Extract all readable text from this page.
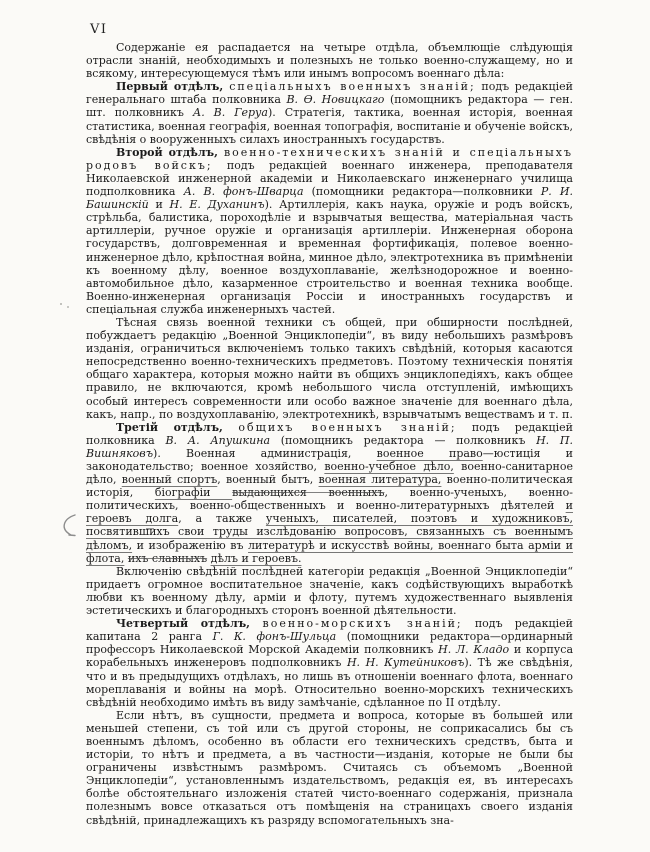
VI

Содержаніе ея распадается на четыре отдѣла, объемлющіе слѣдующія отрасли знаній, необходимыхъ и полезныхъ не только военно-служащему, но и всякому, интересующемуся тѣмъ или инымъ вопросомъ военнаго дѣла:

Первый отдѣлъ, спеціальныхъ военныхъ знаній; подъ редакціей генеральнаго штаба полковника В. Ѳ. Новицкаго (помощникъ редактора — ген. шт. полковникъ А. В. Геруа). Стратегія, тактика, военная исторія, военная статистика, военная географія, военная топографія, воспитаніе и обученіе войскъ, свѣдѣнія о вооруженныхъ силахъ иностранныхъ государствъ.

Второй отдѣлъ, военно-техническихъ знаній и спеціальныхъ родовъ войскъ; подъ редакціей военнаго инженера, преподавателя Николаевской инженерной академіи и Николаевскаго инженернаго училища подполковника А. В. фонъ-Шварца (помощники редактора—полковники Р. И. Башинскій и Н. Е. Духанинъ). Артиллерія, какъ наука, оружіе и родъ войскъ, стрѣльба, балистика, пороходѣліе и взрывчатыя вещества, матеріальная часть артиллеріи, ручное оружіе и организація артиллеріи. Инженерная оборона государствъ, долговременная и временная фортификація, полевое военно-инженерное дѣло, крѣпостная война, минное дѣло, электротехника въ примѣненіи къ военному дѣлу, военное воздухоплаваніе, желѣзнодорожное и военно-автомобильное дѣло, казарменное строительство и военная техника вообще. Военно-инженерная организація Россіи и иностранныхъ государствъ и спеціальная служба инженерныхъ частей.

Тѣсная связь военной техники съ общей, при обширности послѣдней, побуждаетъ редакцію „Военной Энциклопедіи“, въ виду небольшихъ размѣровъ изданія, ограничиться включеніемъ только такихъ свѣдѣній, которыя касаются непосредственно военно-техническихъ предметовъ. Поэтому техническія понятія общаго характера, которыя можно найти въ общихъ энциклопедіяхъ, какъ общее правило, не включаются, кромѣ небольшого числа отступленій, имѣющихъ особый интересъ современности или особо важное значеніе для военнаго дѣла, какъ, напр., по воздухоплаванію, электротехникѣ, взрывчатымъ веществамъ и т. п.

Третій отдѣлъ, общихъ военныхъ знаній; подъ редакціей полковника В. А. Апушкина (помощникъ редактора — полковникъ Н. П. Вишняковъ). Военная администрація, военное право—юстиція и законодательство; военное хозяйство, военно-учебное дѣло, военно-санитарное дѣло, военный спортъ, военный бытъ, военная литература, военно-политическая исторія, біографіи выдающихся военныхъ, военно-ученыхъ, военно-политическихъ, военно-общественныхъ и военно-литературныхъ дѣятелей и героевъ долга, а также ученыхъ, писателей, поэтовъ и художниковъ, посвятившихъ свои труды изслѣдованію вопросовъ, связанныхъ съ военнымъ дѣломъ, и изображенію въ литературѣ и искусствѣ войны, военнаго быта арміи и флота, ихъ славныхъ дѣлъ и героевъ.

Включенію свѣдѣній послѣдней категоріи редакція „Военной Энциклопедіи“ придаетъ огромное воспитательное значеніе, какъ содѣйствующихъ выработкѣ любви къ военному дѣлу, арміи и флоту, путемъ художественнаго выявленія эстетическихъ и благородныхъ сторонъ военной дѣятельности.

Четвертый отдѣлъ, военно-морскихъ знаній; подъ редакціей капитана 2 ранга Г. К. фонъ-Шульца (помощники редактора—ординарный профессоръ Николаевской Морской Академіи полковникъ Н. Л. Кладо и корпуса корабельныхъ инженеровъ подполковникъ Н. Н. Кутейниковъ). Тѣ же свѣдѣнія, что и въ предыдущихъ отдѣлахъ, но лишь въ отношеніи военнаго флота, военнаго мореплаванія и войны на морѣ. Относительно военно-морскихъ техническихъ свѣдѣній необходимо имѣть въ виду замѣчаніе, сдѣланное по II отдѣлу.

Если нѣтъ, въ сущности, предмета и вопроса, которые въ большей или меньшей степени, съ той или съ другой стороны, не соприкасались бы съ военнымъ дѣломъ, особенно въ области его техническихъ средствъ, быта и исторіи, то нѣтъ и предмета, а въ частности—изданія, которые не были бы ограничены извѣстнымъ размѣромъ. Считаясь съ объемомъ „Военной Энциклопедіи“, установленнымъ издательствомъ, редакція ея, въ интересахъ болѣе обстоятельнаго изложенія статей чисто-военнаго содержанія, признала полезнымъ вовсе отказаться отъ помѣщенія на страницахъ своего изданія свѣдѣній, принадлежащихъ къ разряду вспомогательныхъ зна-
